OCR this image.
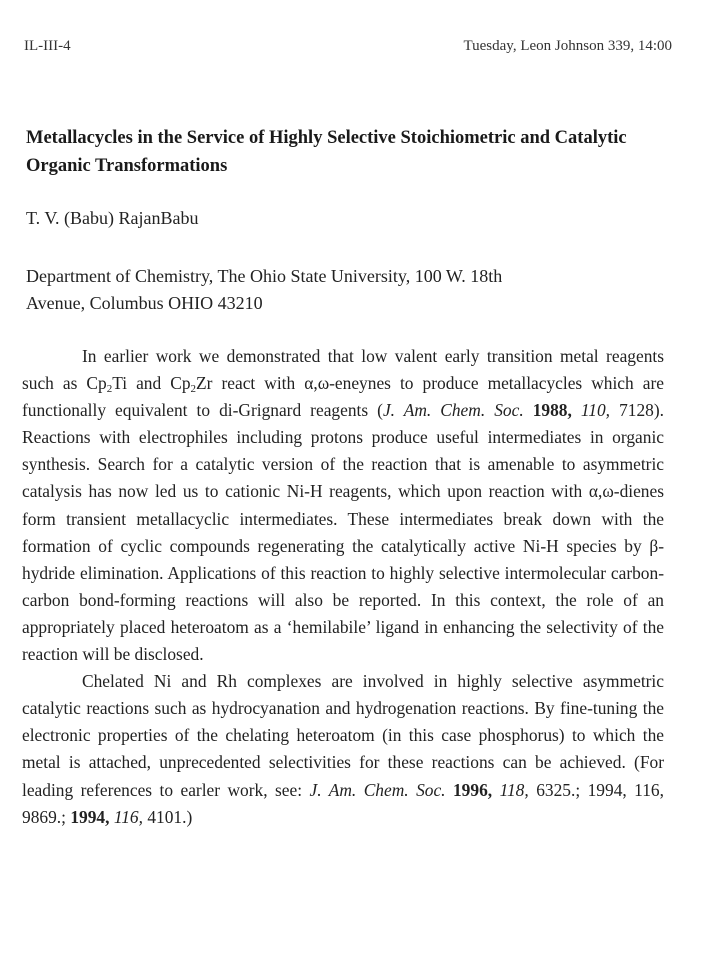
IL-III-4	Tuesday, Leon Johnson 339, 14:00
Metallacycles in the Service of Highly Selective Stoichiometric and Catalytic Organic Transformations
T. V. (Babu) RajanBabu
Department of Chemistry, The Ohio State University, 100 W. 18th
Avenue, Columbus OHIO 43210

In earlier work we demonstrated that low valent early transition metal reagents such as $Cp_2Ti$ and $Cp_2Zr$ react with α,ω-eneynes to produce metallacycles which are functionally equivalent to di-Grignard reagents (J. Am. Chem. Soc. 1988, 110, 7128). Reactions with electrophiles including protons produce useful intermediates in organic synthesis. Search for a catalytic version of the reaction that is amenable to asymmetric catalysis has now led us to cationic Ni-H reagents, which upon reaction with α,ω-dienes form transient metallacyclic intermediates. These intermediates break down with the formation of cyclic compounds regenerating the catalytically active Ni-H species by β-hydride elimination. Applications of this reaction to highly selective intermolecular carbon-carbon bond-forming reactions will also be reported. In this context, the role of an appropriately placed heteroatom as a ‘hemilabile’ ligand in enhancing the selectivity of the reaction will be disclosed.

Chelated Ni and Rh complexes are involved in highly selective asymmetric catalytic reactions such as hydrocyanation and hydrogenation reactions. By fine-tuning the electronic properties of the chelating heteroatom (in this case phosphorus) to which the metal is attached, unprecedented selectivities for these reactions can be achieved. (For leading references to earler work, see: J. Am. Chem. Soc. 1996, 118, 6325.; 1994, 116, 9869.; 1994, 116, 4101.)
